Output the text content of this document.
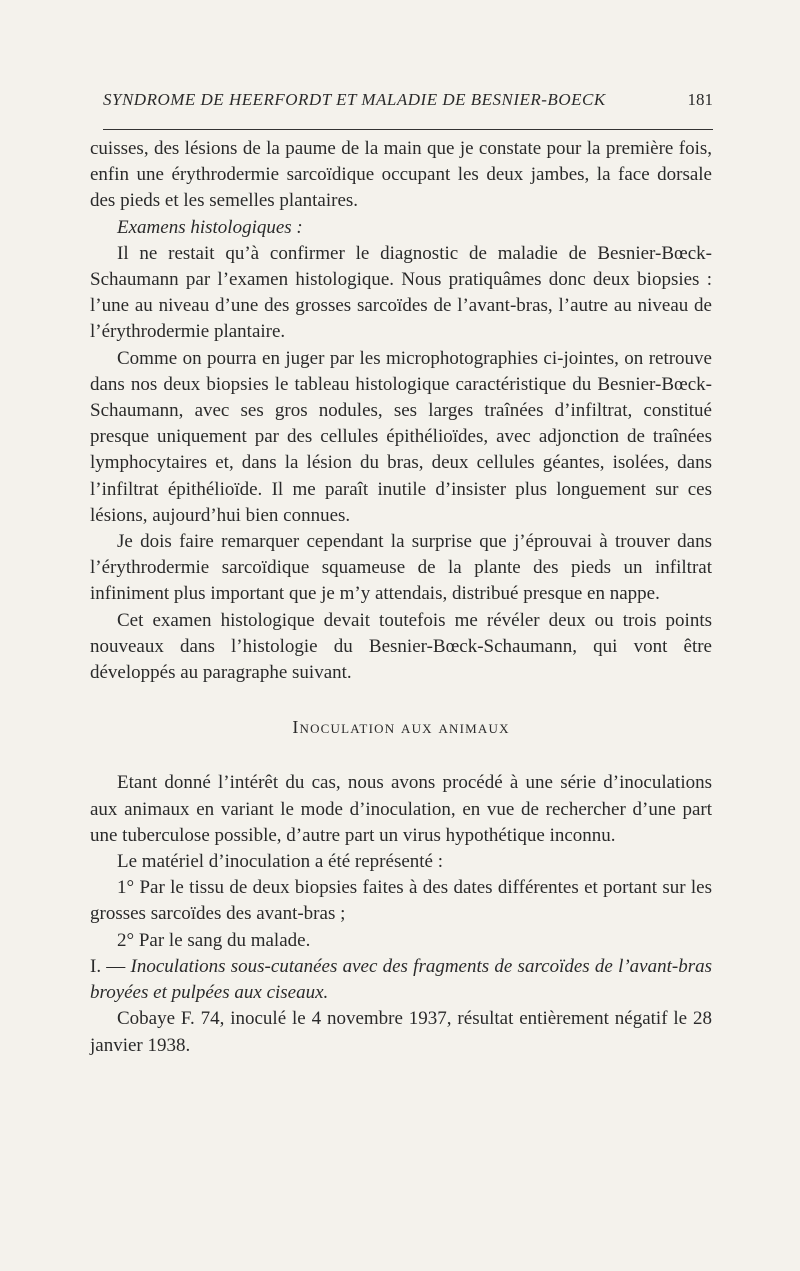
SYNDROME DE HEERFORDT ET MALADIE DE BESNIER-BOECK	181

cuisses, des lésions de la paume de la main que je constate pour la première fois, enfin une érythrodermie sarcoïdique occupant les deux jambes, la face dorsale des pieds et les semelles plantaires.

Examens histologiques :

Il ne restait qu’à confirmer le diagnostic de maladie de Besnier-Bœck-Schaumann par l’examen histologique. Nous pratiquâmes donc deux biopsies : l’une au niveau d’une des grosses sarcoïdes de l’avant-bras, l’autre au niveau de l’érythrodermie plantaire.

Comme on pourra en juger par les microphotographies ci-jointes, on retrouve dans nos deux biopsies le tableau histologique caractéristique du Besnier-Bœck-Schaumann, avec ses gros nodules, ses larges traînées d’infiltrat, constitué presque uniquement par des cellules épithélioïdes, avec adjonction de traînées lymphocytaires et, dans la lésion du bras, deux cellules géantes, isolées, dans l’infiltrat épithélioïde. Il me paraît inutile d’insister plus longuement sur ces lésions, aujourd’hui bien connues.

Je dois faire remarquer cependant la surprise que j’éprouvai à trouver dans l’érythrodermie sarcoïdique squameuse de la plante des pieds un infiltrat infiniment plus important que je m’y attendais, distribué presque en nappe.

Cet examen histologique devait toutefois me révéler deux ou trois points nouveaux dans l’histologie du Besnier-Bœck-Schaumann, qui vont être développés au paragraphe suivant.

Inoculation aux animaux

Etant donné l’intérêt du cas, nous avons procédé à une série d’inoculations aux animaux en variant le mode d’inoculation, en vue de rechercher d’une part une tuberculose possible, d’autre part un virus hypothétique inconnu.

Le matériel d’inoculation a été représenté :

1° Par le tissu de deux biopsies faites à des dates différentes et portant sur les grosses sarcoïdes des avant-bras ;

2° Par le sang du malade.

I. — Inoculations sous-cutanées avec des fragments de sarcoïdes de l’avant-bras broyées et pulpées aux ciseaux.

Cobaye F. 74, inoculé le 4 novembre 1937, résultat entièrement négatif le 28 janvier 1938.
